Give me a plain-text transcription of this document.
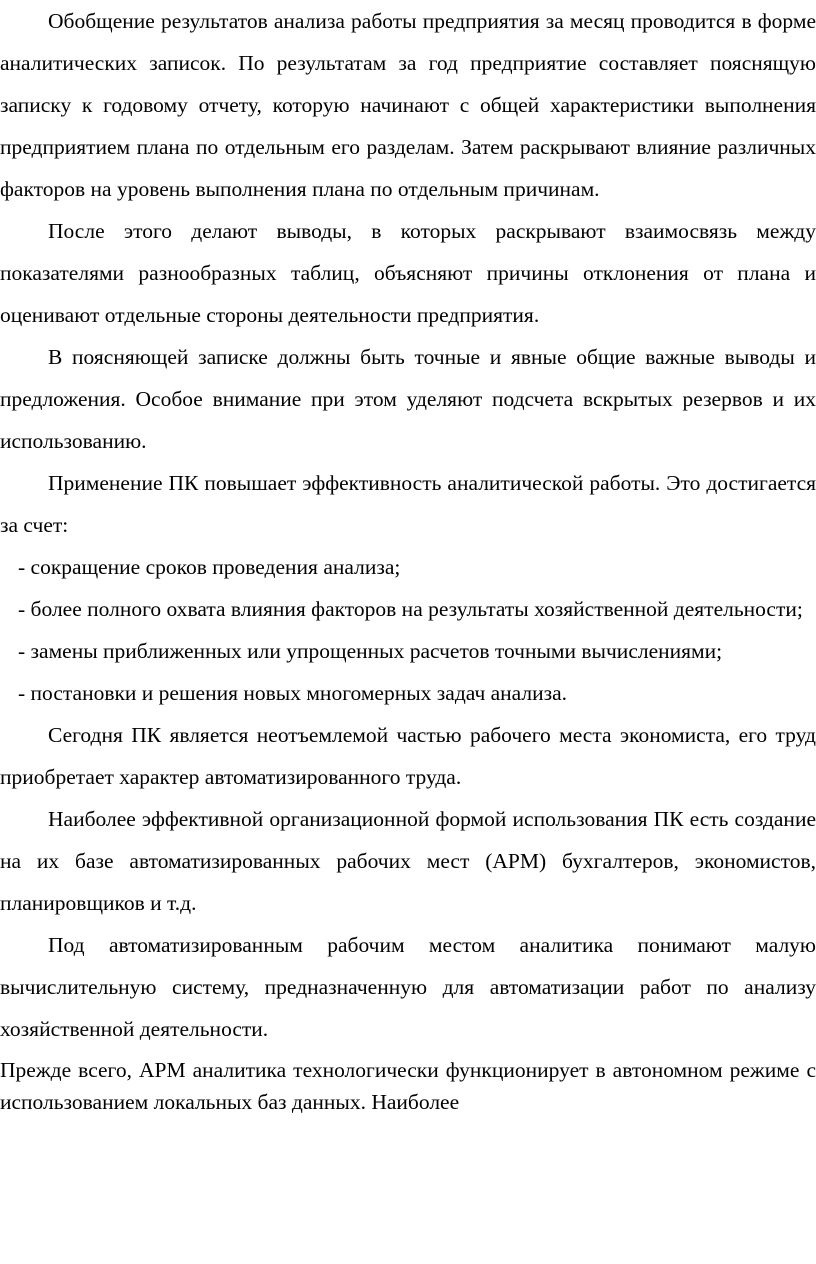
Обобщение результатов анализа работы предприятия за месяц проводится в форме аналитических записок. По результатам за год предприятие составляет пояснящую записку к годовому отчету, которую начинают с общей характеристики выполнения предприятием плана по отдельным его разделам. Затем раскрывают влияние различных факторов на уровень выполнения плана по отдельным причинам.

После этого делают выводы, в которых раскрывают взаимосвязь между показателями разнообразных таблиц, объясняют причины отклонения от плана и оценивают отдельные стороны деятельности предприятия.

В поясняющей записке должны быть точные и явные общие важные выводы и предложения. Особое внимание при этом уделяют подсчета вскрытых резервов и их использованию.

Применение ПК повышает эффективность аналитической работы. Это достигается за счет:

- сокращение сроков проведения анализа;

- более полного охвата влияния факторов на результаты хозяйственной деятельности;

- замены приближенных или упрощенных расчетов точными вычислениями;

- постановки и решения новых многомерных задач анализа.

Сегодня ПК является неотъемлемой частью рабочего места экономиста, его труд приобретает характер автоматизированного труда.

Наиболее эффективной организационной формой использования ПК есть создание на их базе автоматизированных рабочих мест (АРМ) бухгалтеров, экономистов, планировщиков и т.д.

Под автоматизированным рабочим местом аналитика понимают малую вычислительную систему, предназначенную для автоматизации работ по анализу хозяйственной деятельности.

Прежде всего, АРМ аналитика технологически функционирует в автономном режиме с использованием локальных баз данных. Наиболее
